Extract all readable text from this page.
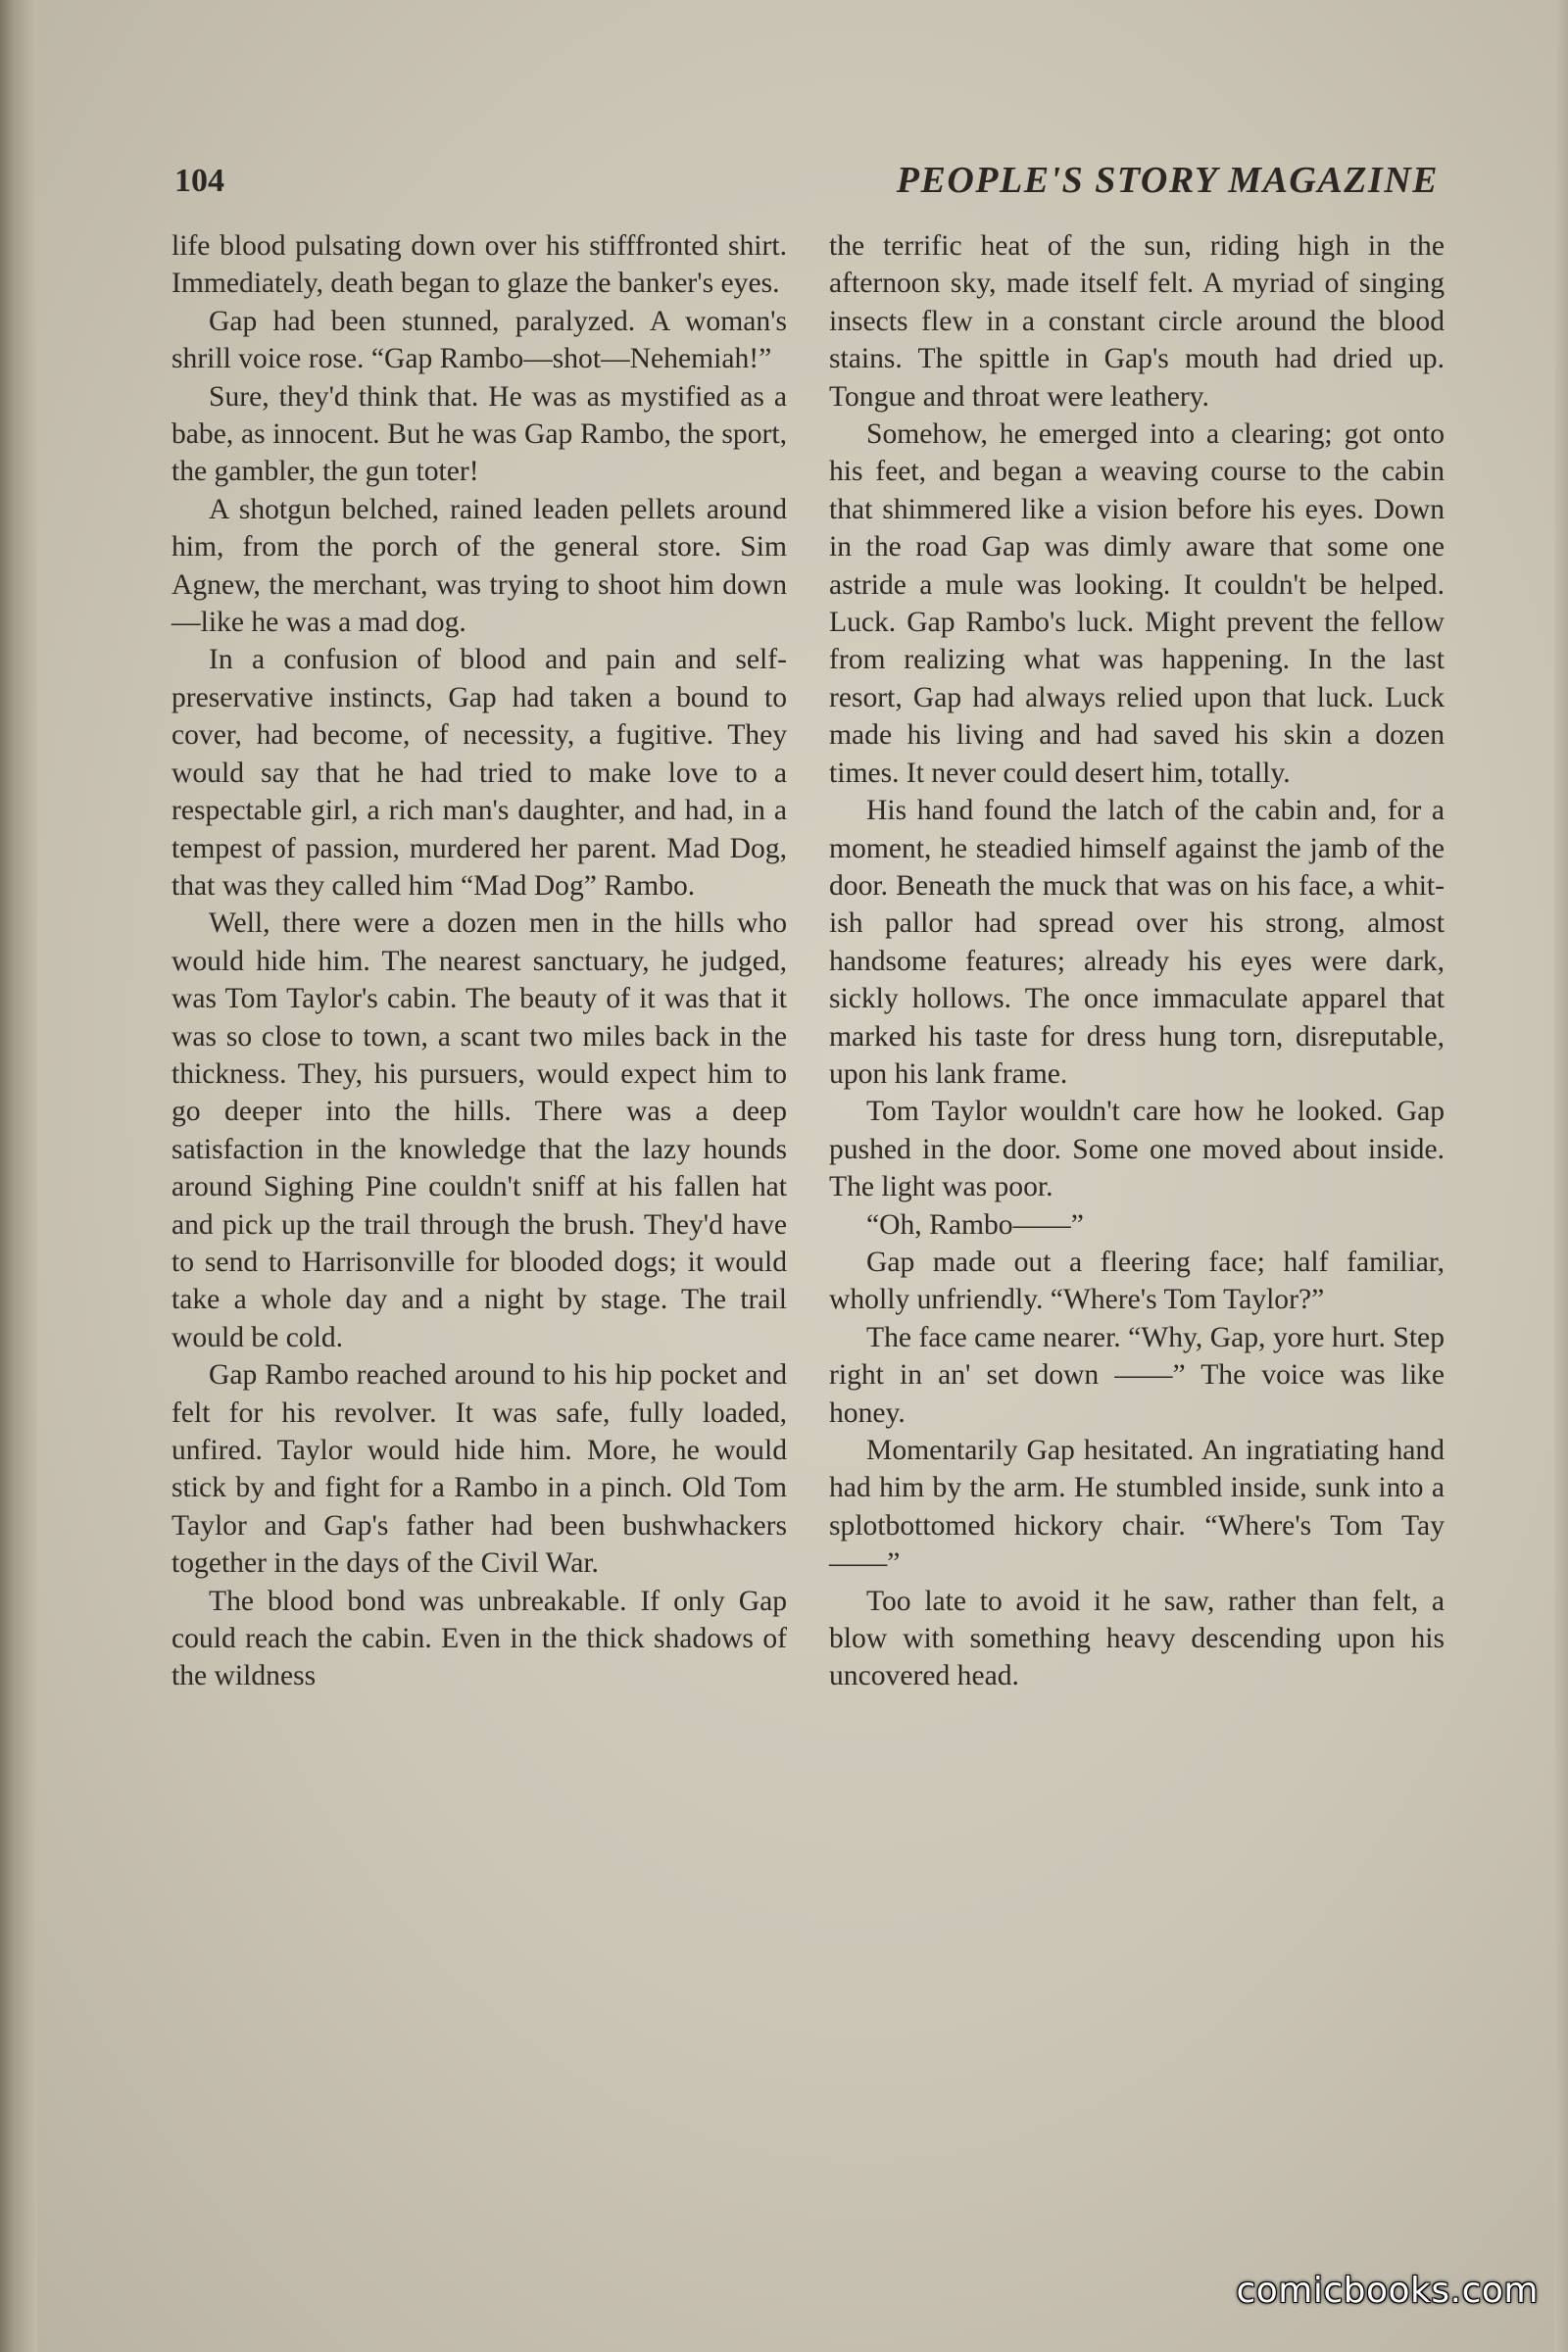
104	PEOPLE'S STORY MAGAZINE

life blood pulsating down over his stifffronted shirt. Immediately, death began to glaze the banker's eyes.

Gap had been stunned, paralyzed. A woman's shrill voice rose. “Gap Rambo—shot—Nehemiah!”

Sure, they'd think that. He was as mystified as a babe, as innocent. But he was Gap Rambo, the sport, the gambler, the gun toter!

A shotgun belched, rained leaden pellets around him, from the porch of the general store. Sim Agnew, the merchant, was trying to shoot him down—like he was a mad dog.

In a confusion of blood and pain and self-preservative instincts, Gap had taken a bound to cover, had become, of necessity, a fugitive. They would say that he had tried to make love to a respectable girl, a rich man's daughter, and had, in a tempest of passion, murdered her parent. Mad Dog, that was they called him “Mad Dog” Rambo.

Well, there were a dozen men in the hills who would hide him. The nearest sanctuary, he judged, was Tom Taylor's cabin. The beauty of it was that it was so close to town, a scant two miles back in the thickness. They, his pursuers, would expect him to go deeper into the hills. There was a deep satisfaction in the knowledge that the lazy hounds around Sighing Pine couldn't sniff at his fallen hat and pick up the trail through the brush. They'd have to send to Harrisonville for blooded dogs; it would take a whole day and a night by stage. The trail would be cold.

Gap Rambo reached around to his hip pocket and felt for his revolver. It was safe, fully loaded, unfired. Taylor would hide him. More, he would stick by and fight for a Rambo in a pinch. Old Tom Taylor and Gap's father had been bushwhackers together in the days of the Civil War.

The blood bond was unbreakable. If only Gap could reach the cabin. Even in the thick shadows of the wildness

the terrific heat of the sun, riding high in the afternoon sky, made itself felt. A myriad of singing insects flew in a constant circle around the blood stains. The spittle in Gap's mouth had dried up. Tongue and throat were leathery.

Somehow, he emerged into a clearing; got onto his feet, and began a weaving course to the cabin that shimmered like a vision before his eyes. Down in the road Gap was dimly aware that some one astride a mule was looking. It couldn't be helped. Luck. Gap Rambo's luck. Might prevent the fellow from realizing what was happening. In the last resort, Gap had always relied upon that luck. Luck made his living and had saved his skin a dozen times. It never could desert him, totally.

His hand found the latch of the cabin and, for a moment, he steadied himself against the jamb of the door. Beneath the muck that was on his face, a whitish pallor had spread over his strong, almost handsome features; already his eyes were dark, sickly hollows. The once immaculate apparel that marked his taste for dress hung torn, disreputable, upon his lank frame.

Tom Taylor wouldn't care how he looked. Gap pushed in the door. Some one moved about inside. The light was poor.

“Oh, Rambo——”

Gap made out a fleering face; half familiar, wholly unfriendly. “Where's Tom Taylor?”

The face came nearer. “Why, Gap, yore hurt. Step right in an' set down ——” The voice was like honey.

Momentarily Gap hesitated. An ingratiating hand had him by the arm. He stumbled inside, sunk into a splotbottomed hickory chair. “Where's Tom Tay——”

Too late to avoid it he saw, rather than felt, a blow with something heavy descending upon his uncovered head.

comicbooks.com
